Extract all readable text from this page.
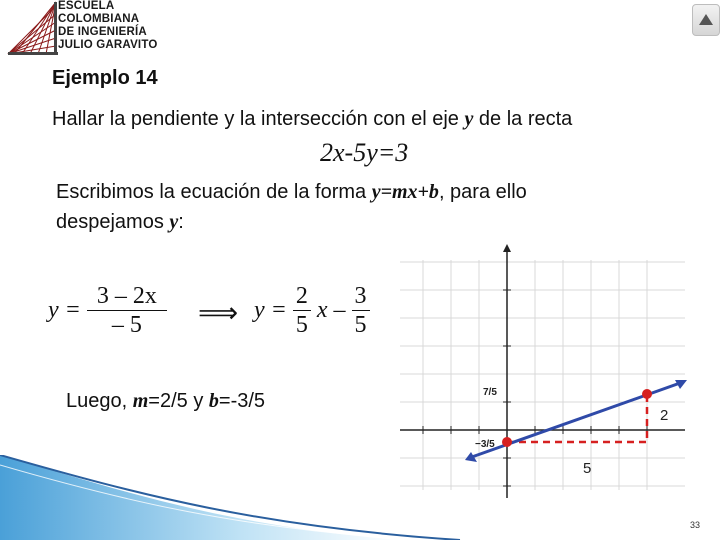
ESCUELA
COLOMBIANA
DE INGENIERÍA
JULIO GARAVITO
Ejemplo 14
Hallar la pendiente y la intersección con el eje y de la recta
2x-5y=3
Escribimos la ecuación de la forma y=mx+b, para ello
despejamos y:
$y = \frac{3 - 2x}{- 5}$ ⟹ $y = \frac{2}{5}$ x – $\frac{3}{5}$
Luego, m=2/5 y b=-3/5	7/5
−3/5
2
5
33
